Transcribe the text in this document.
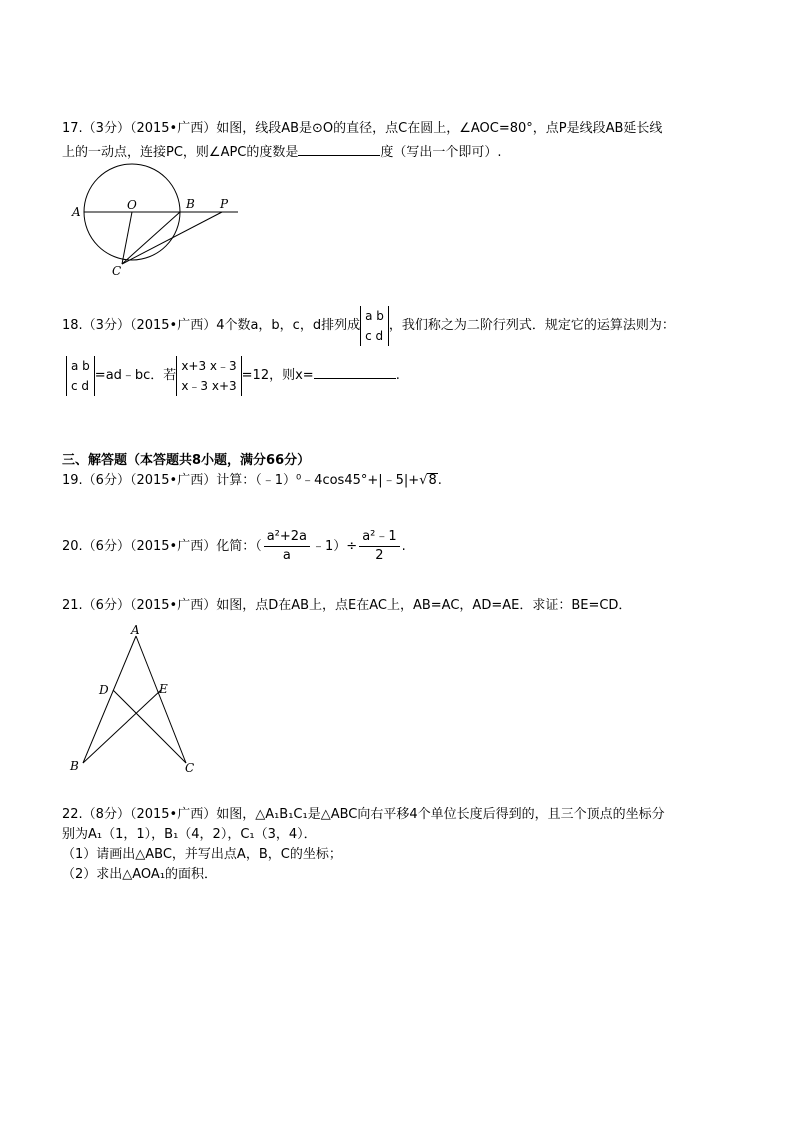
17.（3分）（2015•广西）如图，线段AB是⊙O的直径，点C在圆上，∠AOC=80°，点P是线段AB延长线
上的一动点，连接PC，则∠APC的度数是	度（写出一个即可）.
A	O	B P
C
18.（3分）（2015•广西）4个数a，b，c，d排列成
a b
c d
，我们称之为二阶行列式．规定它的运算法则为：
a b
c d
=ad﹣bc．若
x+3 x﹣3
x﹣3 x+3
=12，则x=	.
三、解答题（本答题共8小题，满分66分）
19.（6分）（2015•广西）计算：（﹣1）⁰﹣4cos45°+|﹣5|+√8.
20.（6分）（2015•广西）化简：（ $\frac{\text{a²+2a}}{a}$ ﹣1）÷ $\frac{\text{a²﹣1}}{2}$ .
21.（6分）（2015•广西）如图，点D在AB上，点E在AC上，AB=AC，AD=AE．求证：BE=CD．
A
D	E
B	C
22.（8分）（2015•广西）如图，△A₁B₁C₁是△ABC向右平移4个单位长度后得到的，且三个顶点的坐标分
别为A₁（1，1），B₁（4，2），C₁（3，4）．
（1）请画出△ABC，并写出点A，B，C的坐标；
（2）求出△AOA₁的面积．
